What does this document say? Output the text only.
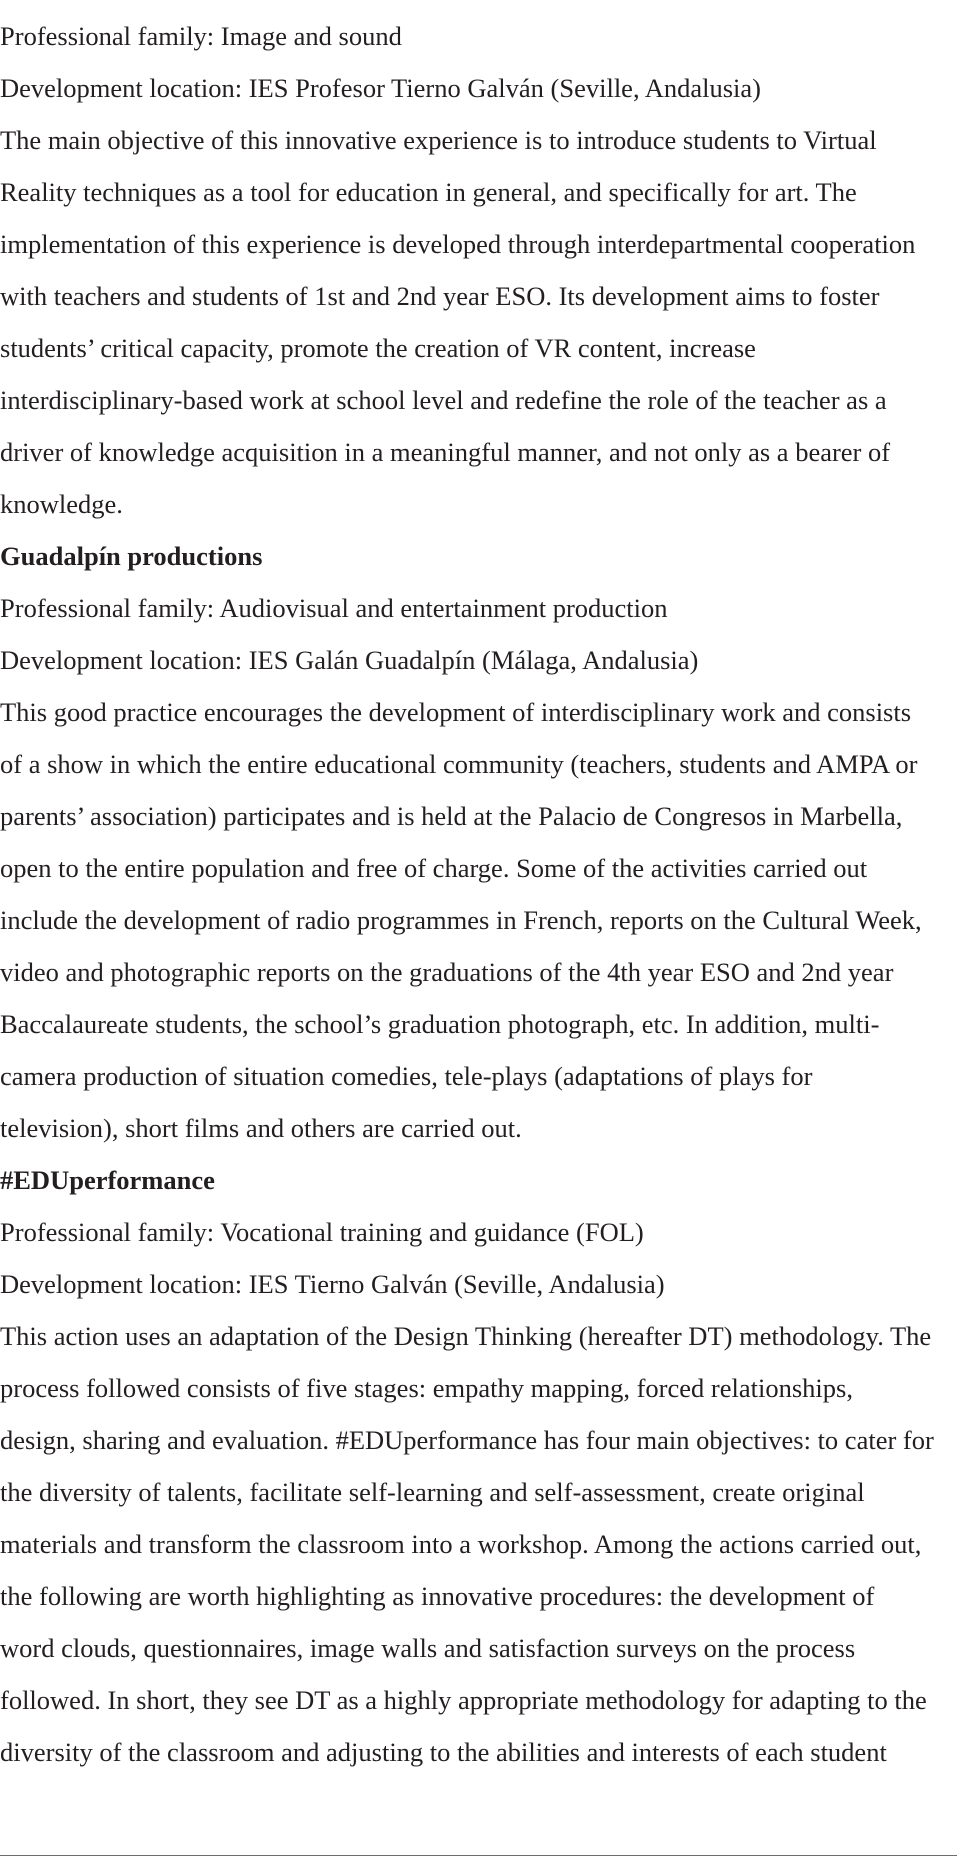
Professional family: Image and sound

Development location: IES Profesor Tierno Galván (Seville, Andalusia)

The main objective of this innovative experience is to introduce students to Virtual Reality techniques as a tool for education in general, and specifically for art. The implementation of this experience is developed through interdepartmental cooperation with teachers and students of 1st and 2nd year ESO. Its development aims to foster students’ critical capacity, promote the creation of VR content, increase interdisciplinary-based work at school level and redefine the role of the teacher as a driver of knowledge acquisition in a meaningful manner, and not only as a bearer of knowledge.

Guadalpín productions

Professional family: Audiovisual and entertainment production

Development location: IES Galán Guadalpín (Málaga, Andalusia)

This good practice encourages the development of interdisciplinary work and consists of a show in which the entire educational community (teachers, students and AMPA or parents’ association) participates and is held at the Palacio de Congresos in Marbella, open to the entire population and free of charge. Some of the activities carried out include the development of radio programmes in French, reports on the Cultural Week, video and photographic reports on the graduations of the 4th year ESO and 2nd year Baccalaureate students, the school’s graduation photograph, etc. In addition, multi-camera production of situation comedies, tele-plays (adaptations of plays for television), short films and others are carried out.

#EDUperformance

Professional family: Vocational training and guidance (FOL)

Development location: IES Tierno Galván (Seville, Andalusia)

This action uses an adaptation of the Design Thinking (hereafter DT) methodology. The process followed consists of five stages: empathy mapping, forced relationships, design, sharing and evaluation. #EDUperformance has four main objectives: to cater for the diversity of talents, facilitate self-learning and self-assessment, create original materials and transform the classroom into a workshop. Among the actions carried out, the following are worth highlighting as innovative procedures: the development of word clouds, questionnaires, image walls and satisfaction surveys on the process followed. In short, they see DT as a highly appropriate methodology for adapting to the diversity of the classroom and adjusting to the abilities and interests of each student
